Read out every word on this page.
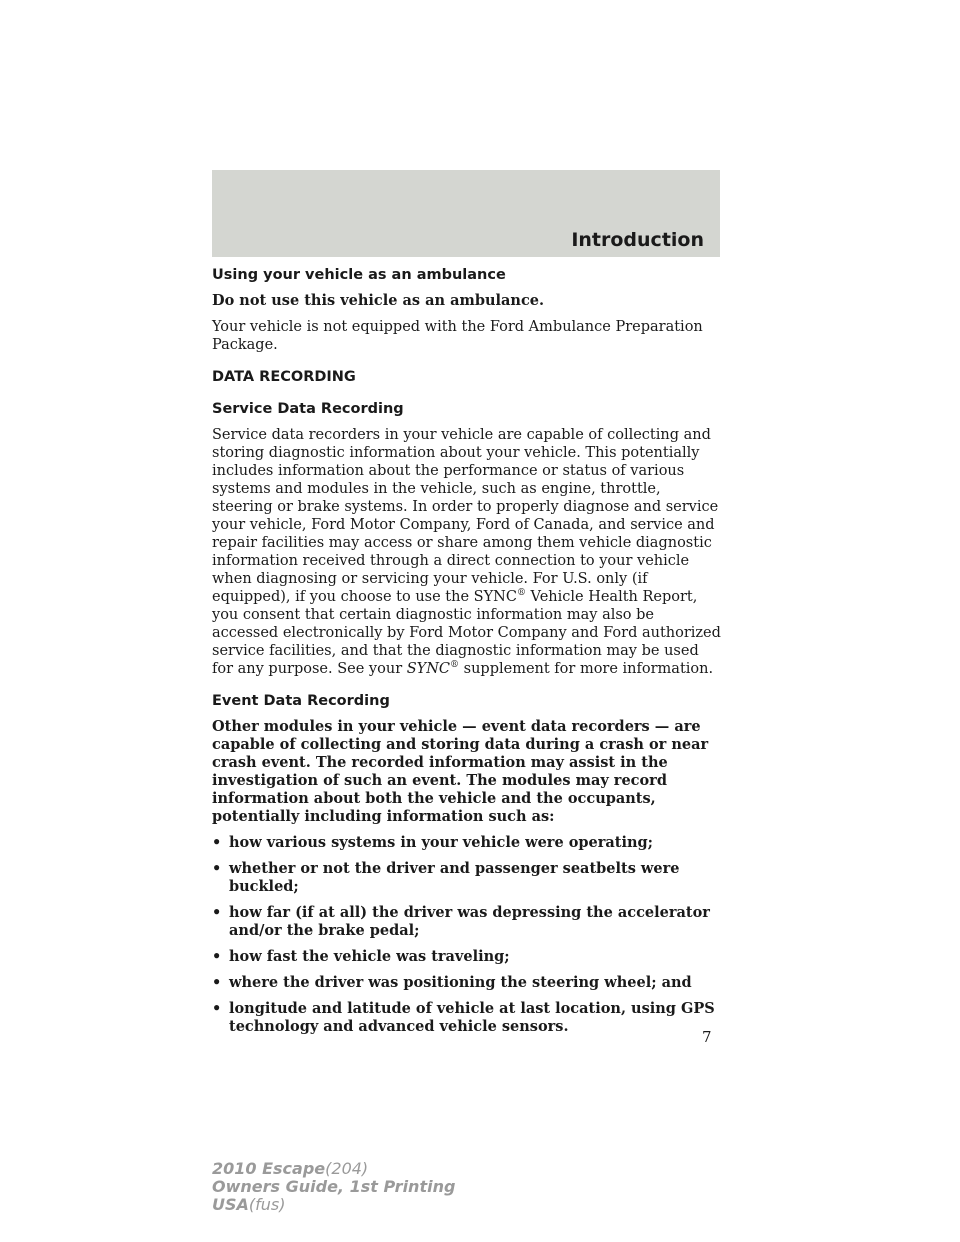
Introduction
Using your vehicle as an ambulance

Do not use this vehicle as an ambulance.

Your vehicle is not equipped with the Ford Ambulance Preparation Package.

DATA RECORDING
Service Data Recording

Service data recorders in your vehicle are capable of collecting and storing diagnostic information about your vehicle. This potentially includes information about the performance or status of various systems and modules in the vehicle, such as engine, throttle, steering or brake systems. In order to properly diagnose and service your vehicle, Ford Motor Company, Ford of Canada, and service and repair facilities may access or share among them vehicle diagnostic information received through a direct connection to your vehicle when diagnosing or servicing your vehicle. For U.S. only (if equipped), if you choose to use the SYNC® Vehicle Health Report, you consent that certain diagnostic information may also be accessed electronically by Ford Motor Company and Ford authorized service facilities, and that the diagnostic information may be used for any purpose. See your SYNC® supplement for more information.

Event Data Recording

Other modules in your vehicle — event data recorders — are capable of collecting and storing data during a crash or near crash event. The recorded information may assist in the investigation of such an event. The modules may record information about both the vehicle and the occupants, potentially including information such as:

• how various systems in your vehicle were operating;
• whether or not the driver and passenger seatbelts were buckled;
• how far (if at all) the driver was depressing the accelerator and/or the brake pedal;
• how fast the vehicle was traveling;
• where the driver was positioning the steering wheel; and
• longitude and latitude of vehicle at last location, using GPS technology and advanced vehicle sensors.
7
2010 Escape(204)
Owners Guide, 1st Printing
USA(fus)
